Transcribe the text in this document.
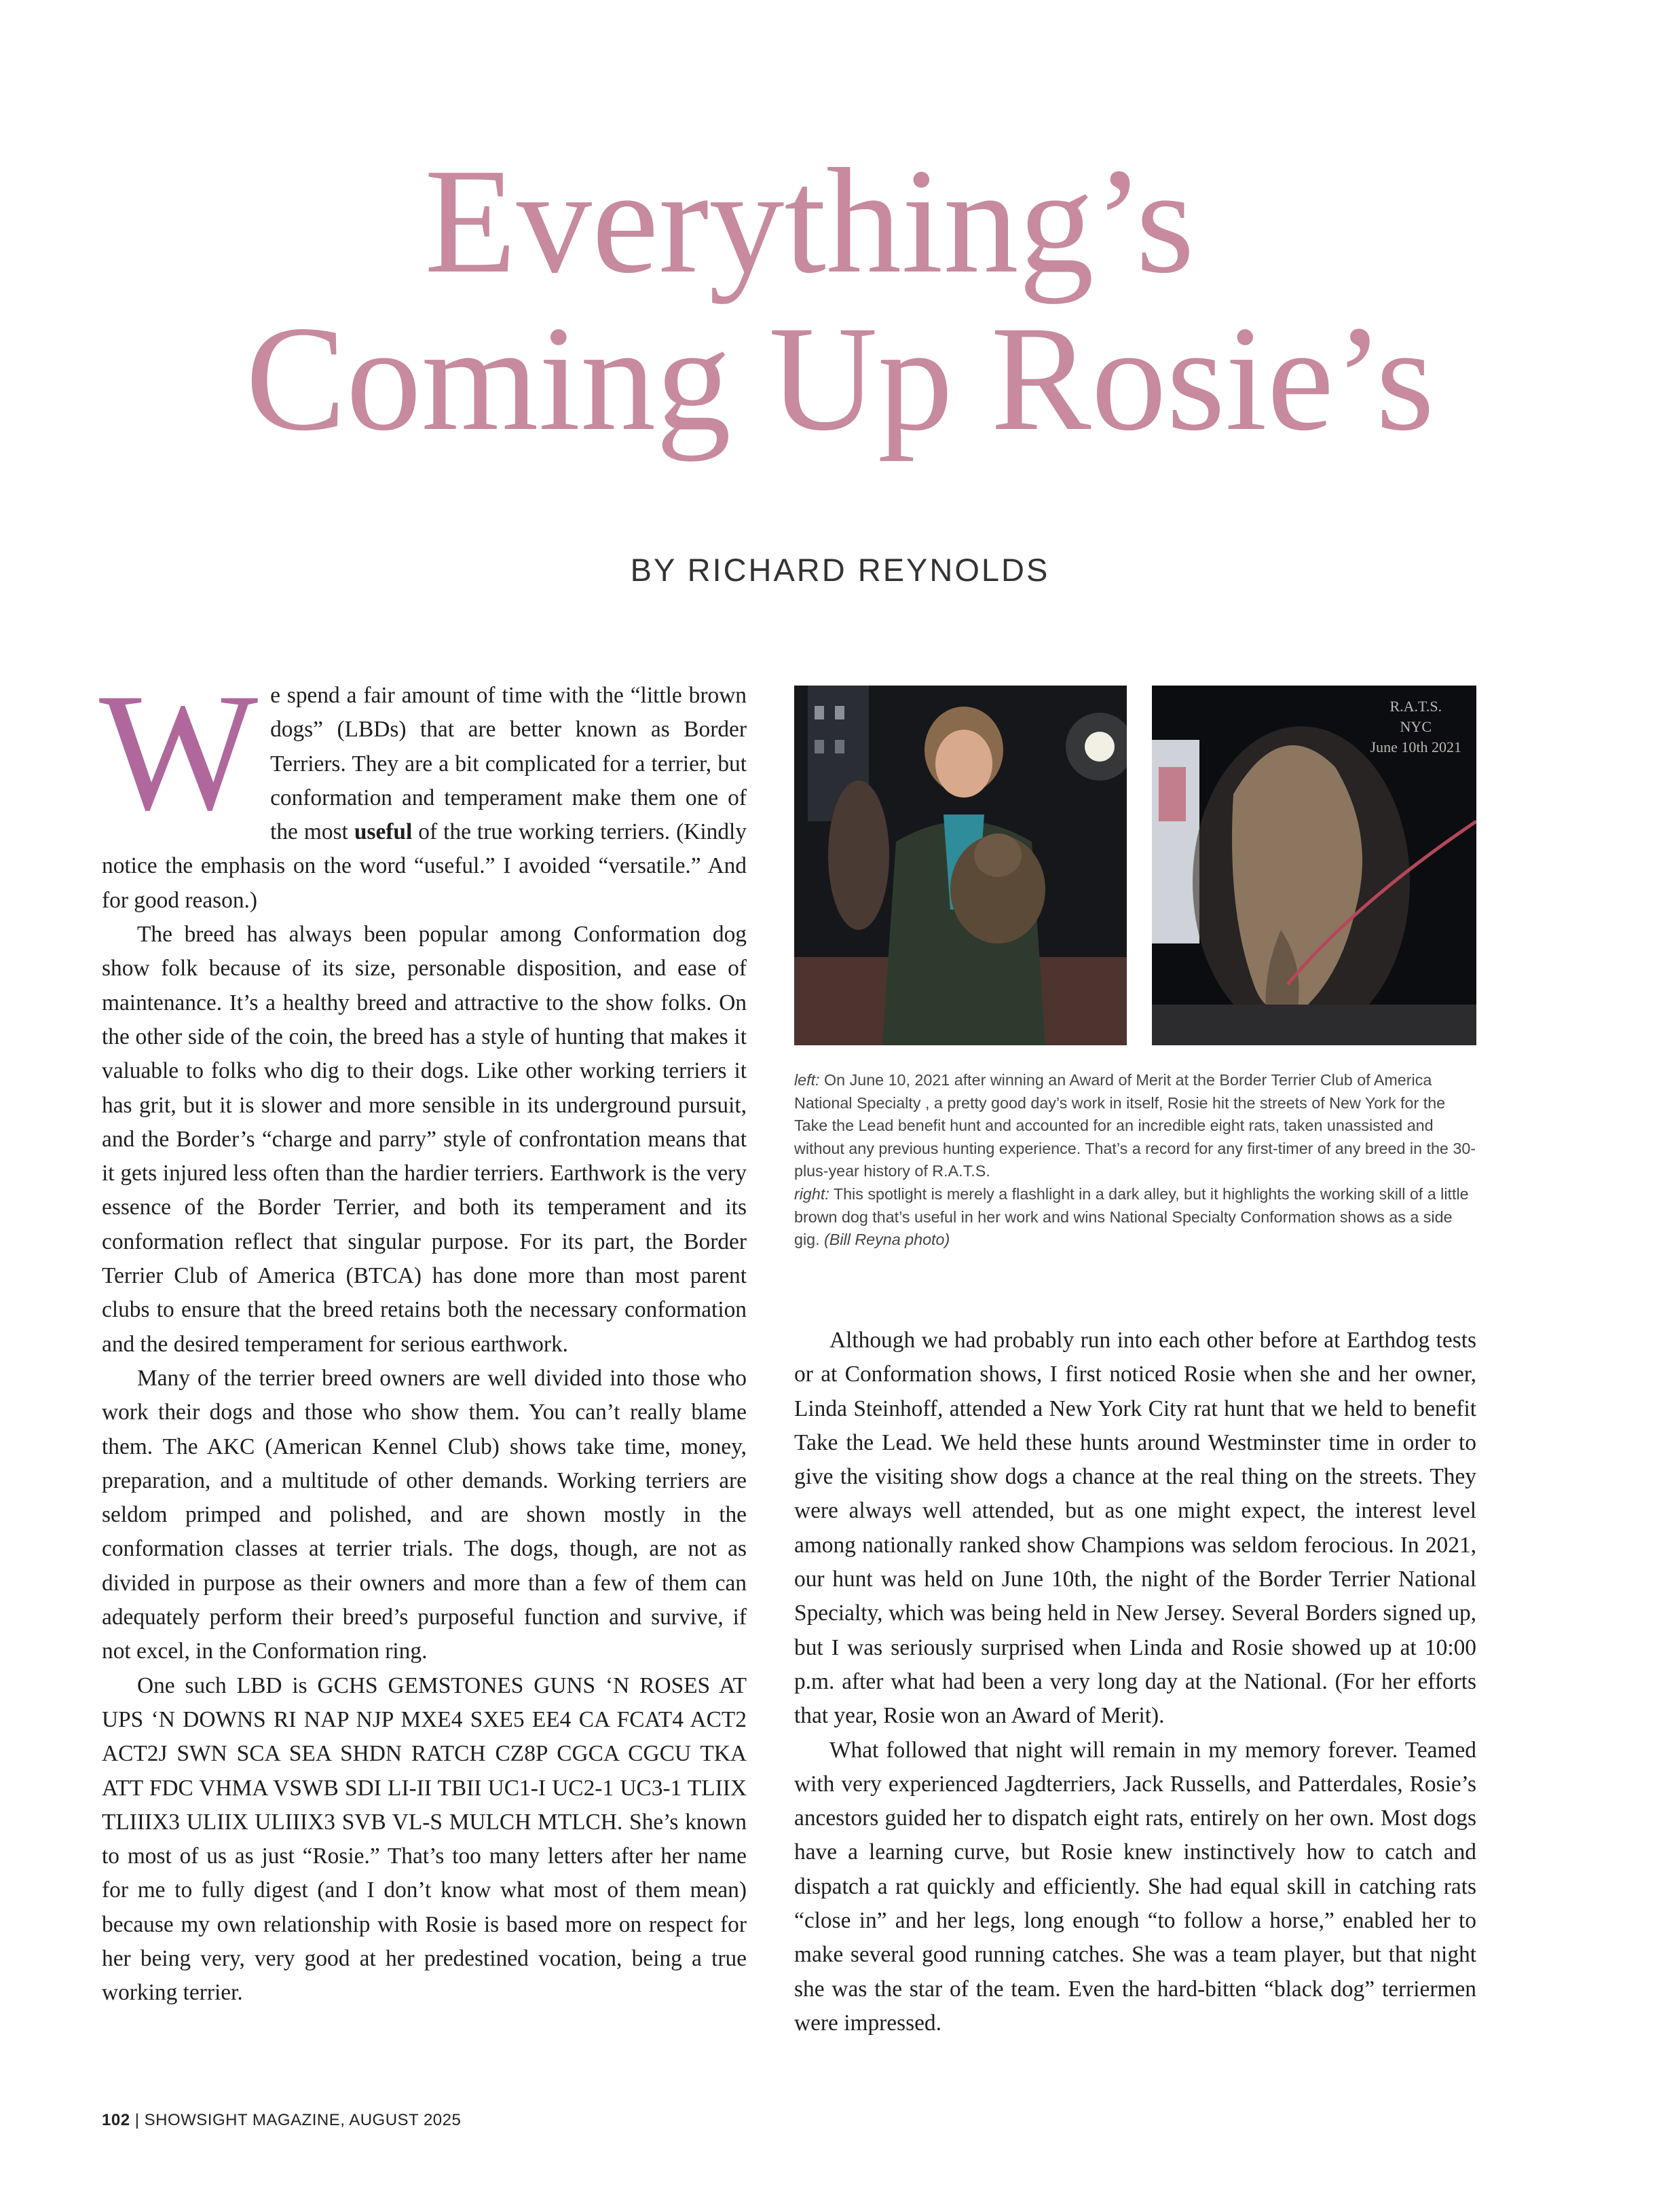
Everything’s
Coming Up Rosie’s
BY RICHARD REYNOLDS

We spend a fair amount of time with the “little brown dogs” (LBDs) that are better known as Border Terriers. They are a bit complicated for a terrier, but conformation and temperament make them one of the most useful of the true working terriers. (Kindly notice the emphasis on the word “useful.” I avoided “versatile.” And for good reason.)

The breed has always been popular among Conformation dog show folk because of its size, personable disposition, and ease of maintenance. It’s a healthy breed and attractive to the show folks. On the other side of the coin, the breed has a style of hunting that makes it valuable to folks who dig to their dogs. Like other working terriers it has grit, but it is slower and more sensible in its underground pursuit, and the Border’s “charge and parry” style of confrontation means that it gets injured less often than the hardier terriers. Earthwork is the very essence of the Border Terrier, and both its temperament and its conformation reflect that singular purpose. For its part, the Border Terrier Club of America (BTCA) has done more than most parent clubs to ensure that the breed retains both the necessary conformation and the desired temperament for serious earthwork.

Many of the terrier breed owners are well divided into those who work their dogs and those who show them. You can’t really blame them. The AKC (American Kennel Club) shows take time, money, preparation, and a multitude of other demands. Working terriers are seldom primped and polished, and are shown mostly in the conformation classes at terrier trials. The dogs, though, are not as divided in purpose as their owners and more than a few of them can adequately perform their breed’s purposeful function and survive, if not excel, in the Conformation ring.

One such LBD is GCHS GEMSTONES GUNS ‘N ROSES AT UPS ‘N DOWNS RI NAP NJP MXE4 SXE5 EE4 CA FCAT4 ACT2 ACT2J SWN SCA SEA SHDN RATCH CZ8P CGCA CGCU TKA ATT FDC VHMA VSWB SDI LI-II TBII UC1-I UC2-1 UC3-1 TLIIX TLIIIX3 ULIIX ULIIIX3 SVB VL-S MULCH MTLCH. She’s known to most of us as just “Rosie.” That’s too many letters after her name for me to fully digest (and I don’t know what most of them mean) because my own relationship with Rosie is based more on respect for her being very, very good at her predestined vocation, being a true working terrier.

R.A.T.S.
NYC
June 10th 2021
left: On June 10, 2021 after winning an Award of Merit at the Border Terrier Club of America National Specialty , a pretty good day’s work in itself, Rosie hit the streets of New York for the Take the Lead benefit hunt and accounted for an incredible eight rats, taken unassisted and without any previous hunting experience. That’s a record for any first-timer of any breed in the 30-plus-year history of R.A.T.S.
right: This spotlight is merely a flashlight in a dark alley, but it highlights the working skill of a little brown dog that’s useful in her work and wins National Specialty Conformation shows as a side gig. (Bill Reyna photo)

Although we had probably run into each other before at Earthdog tests or at Conformation shows, I first noticed Rosie when she and her owner, Linda Steinhoff, attended a New York City rat hunt that we held to benefit Take the Lead. We held these hunts around Westminster time in order to give the visiting show dogs a chance at the real thing on the streets. They were always well attended, but as one might expect, the interest level among nationally ranked show Champions was seldom ferocious. In 2021, our hunt was held on June 10th, the night of the Border Terrier National Specialty, which was being held in New Jersey. Several Borders signed up, but I was seriously surprised when Linda and Rosie showed up at 10:00 p.m. after what had been a very long day at the National. (For her efforts that year, Rosie won an Award of Merit).

What followed that night will remain in my memory forever. Teamed with very experienced Jagdterriers, Jack Russells, and Patterdales, Rosie’s ancestors guided her to dispatch eight rats, entirely on her own. Most dogs have a learning curve, but Rosie knew instinctively how to catch and dispatch a rat quickly and efficiently. She had equal skill in catching rats “close in” and her legs, long enough “to follow a horse,” enabled her to make several good running catches. She was a team player, but that night she was the star of the team. Even the hard-bitten “black dog” terriermen were impressed.

102 | SHOWSIGHT MAGAZINE, AUGUST 2025
